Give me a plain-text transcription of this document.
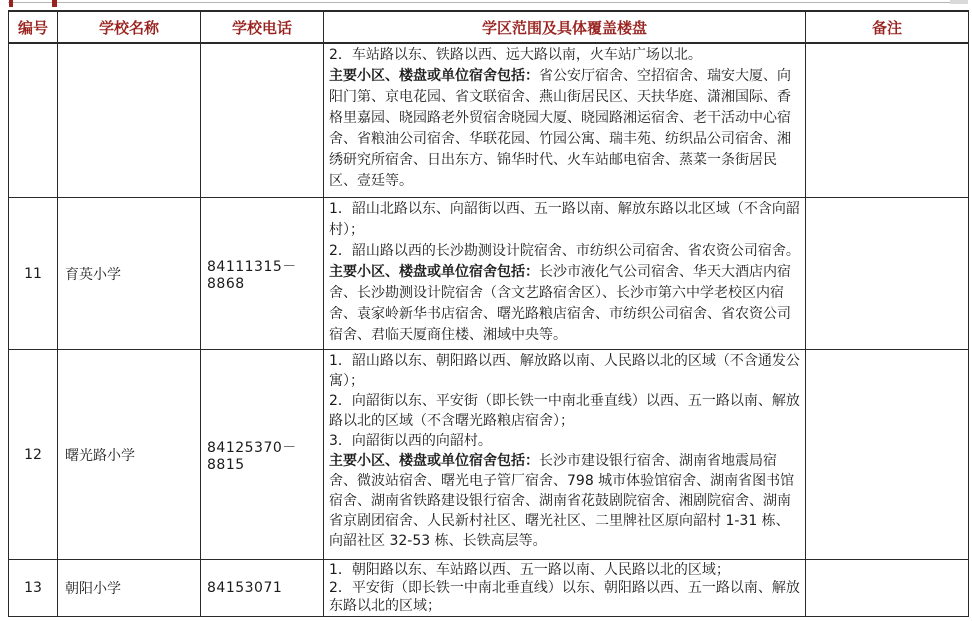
编号	学校名称	学校电话	学区范围及具体覆盖楼盘	备注

			2．车站路以东、铁路以西、远大路以南，火车站广场以北。
主要小区、楼盘或单位宿舍包括：省公安厅宿舍、空招宿舍、瑞安大厦、向阳门第、京电花园、省文联宿舍、燕山街居民区、天扶华庭、潇湘国际、香格里嘉园、晓园路老外贸宿舍晓园大厦、晓园路湘运宿舍、老干活动中心宿舍、省粮油公司宿舍、华联花园、竹园公寓、瑞丰苑、纺织品公司宿舍、湘绣研究所宿舍、日出东方、锦华时代、火车站邮电宿舍、蒸菜一条街居民区、壹廷等。	

11	育英小学	84111315－8868	1．韶山北路以东、向韶街以西、五一路以南、解放东路以北区域（不含向韶村）；
2．韶山路以西的长沙勘测设计院宿舍、市纺织公司宿舍、省农资公司宿舍。
主要小区、楼盘或单位宿舍包括：长沙市液化气公司宿舍、华天大酒店内宿舍、长沙勘测设计院宿舍（含文艺路宿舍区）、长沙市第六中学老校区内宿舍、袁家岭新华书店宿舍、曙光路粮店宿舍、市纺织公司宿舍、省农资公司宿舍、君临天厦商住楼、湘域中央等。	

12	曙光路小学	84125370－8815	1．韶山路以东、朝阳路以西、解放路以南、人民路以北的区域（不含通发公寓）；
2．向韶街以东、平安街（即长铁一中南北垂直线）以西、五一路以南、解放路以北的区域（不含曙光路粮店宿舍）；
3．向韶街以西的向韶村。
主要小区、楼盘或单位宿舍包括：长沙市建设银行宿舍、湖南省地震局宿舍、微波站宿舍、曙光电子管厂宿舍、798 城市体验馆宿舍、湖南省图书馆宿舍、湖南省铁路建设银行宿舍、湖南省花鼓剧院宿舍、湘剧院宿舍、湖南省京剧团宿舍、人民新村社区、曙光社区、二里牌社区原向韶村 1-31 栋、向韶社区 32-53 栋、长铁高层等。	

13	朝阳小学	84153071	1．朝阳路以东、车站路以西、五一路以南、人民路以北的区域；
2．平安街（即长铁一中南北垂直线）以东、朝阳路以西、五一路以南、解放东路以北的区域；	
